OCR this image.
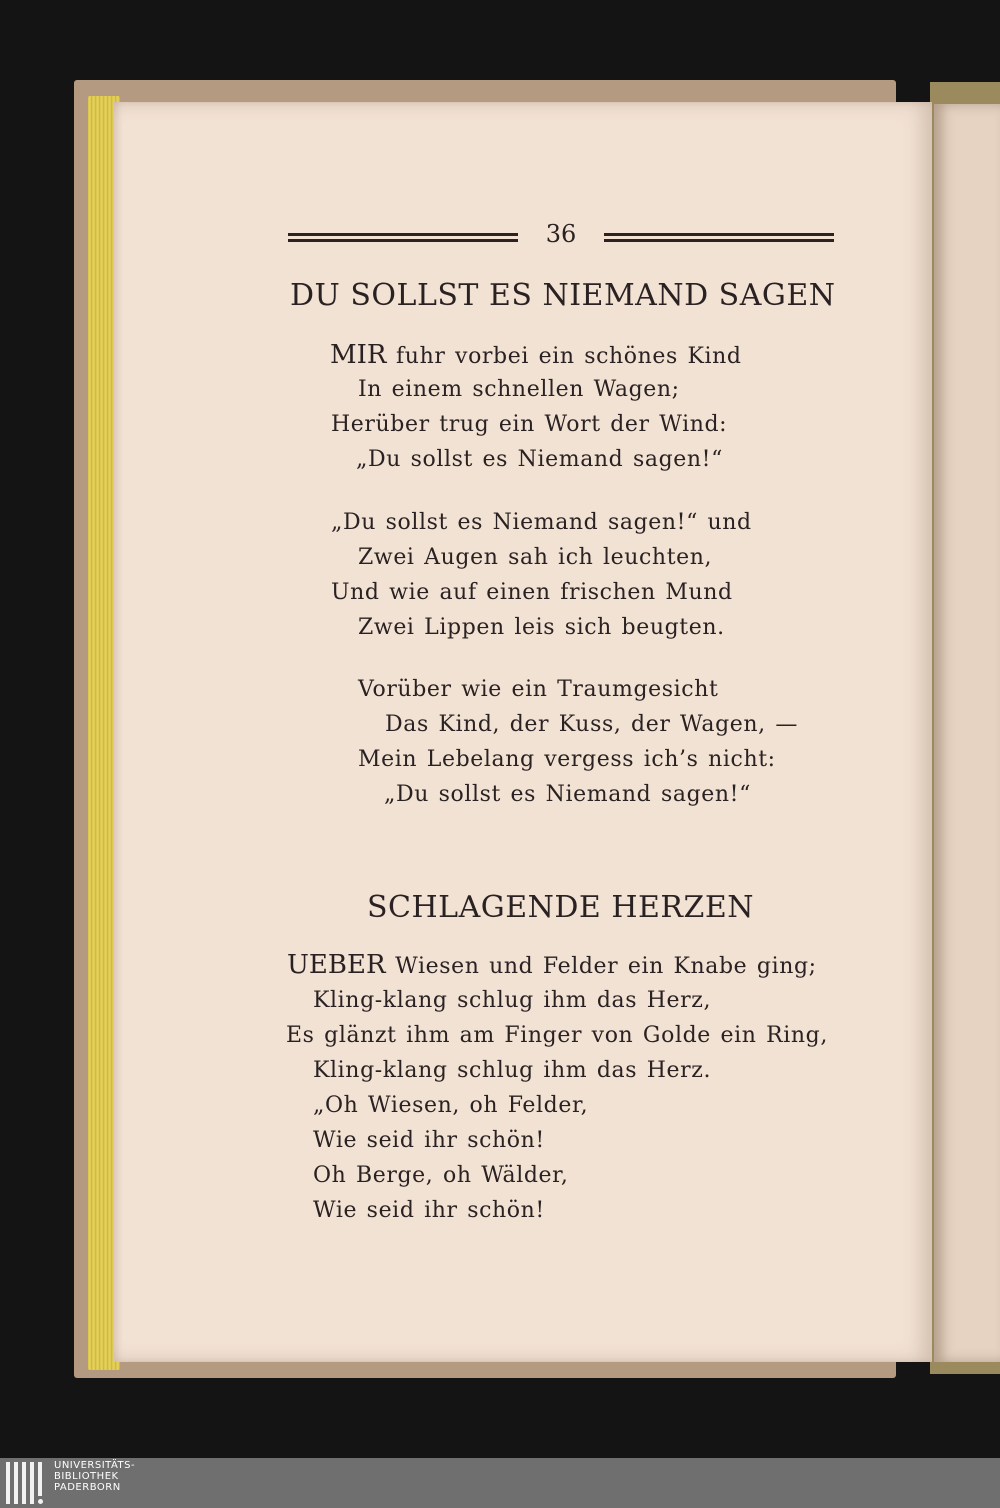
36
DU SOLLST ES NIEMAND SAGEN
MIR fuhr vorbei ein schönes Kind
In einem schnellen Wagen;
Herüber trug ein Wort der Wind:
„Du sollst es Niemand sagen!“
„Du sollst es Niemand sagen!“ und
Zwei Augen sah ich leuchten,
Und wie auf einen frischen Mund
Zwei Lippen leis sich beugten.
Vorüber wie ein Traumgesicht
Das Kind, der Kuss, der Wagen, —
Mein Lebelang vergess ich’s nicht:
„Du sollst es Niemand sagen!“
SCHLAGENDE HERZEN
UEBER Wiesen und Felder ein Knabe ging;
Kling-klang schlug ihm das Herz,
Es glänzt ihm am Finger von Golde ein Ring,
Kling-klang schlug ihm das Herz.
„Oh Wiesen, oh Felder,
Wie seid ihr schön!
Oh Berge, oh Wälder,
Wie seid ihr schön!
UNIVERSITÄTS-
BIBLIOTHEK
PADERBORN
